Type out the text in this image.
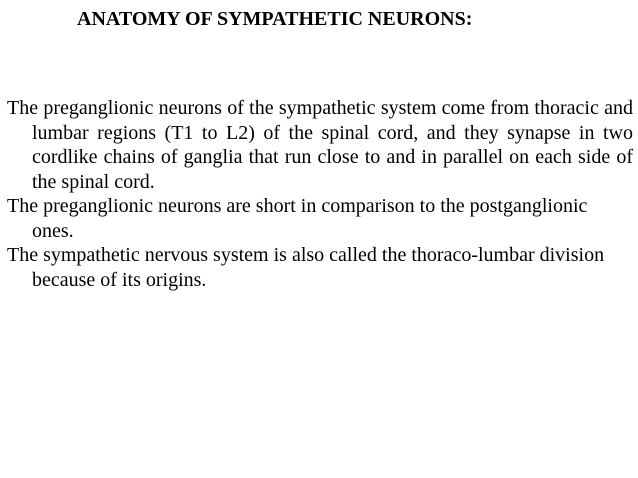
ANATOMY OF SYMPATHETIC NEURONS:

The preganglionic neurons of the sympathetic system come from thoracic and lumbar regions (T1 to L2) of the spinal cord, and they synapse in two cordlike chains of ganglia that run close to and in parallel on each side of the spinal cord.

The preganglionic neurons are short in comparison to the postganglionic ones.

The sympathetic nervous system is also called the thoraco-lumbar division because of its origins.
